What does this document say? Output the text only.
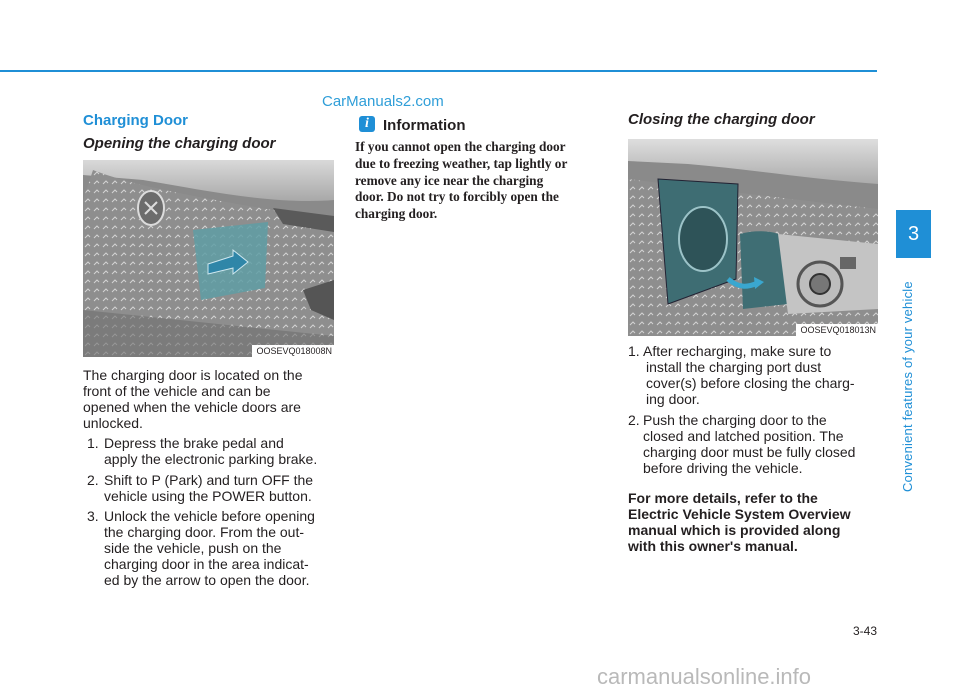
CarManuals2.com
Charging Door
Opening the charging door
OOSEVQ018008N
The charging door is located on the
front of the vehicle and can be
opened when the vehicle doors are
unlocked.
1. Depress the brake pedal and
apply the electronic parking brake.
2. Shift to P (Park) and turn OFF the
vehicle using the POWER button.
3. Unlock the vehicle before opening
the charging door. From the out-
side the vehicle, push on the
charging door in the area indicat-
ed by the arrow to open the door.
i Information
If you cannot open the charging door
due to freezing weather, tap lightly or
remove any ice near the charging
door. Do not try to forcibly open the
charging door.
Closing the charging door
OOSEVQ018013N
1. After recharging, make sure to
install the charging port dust
cover(s) before closing the charg-
ing door.
2. Push the charging door to the
closed and latched position. The
charging door must be fully closed
before driving the vehicle.
For more details, refer to the
Electric Vehicle System Overview
manual which is provided along
with this owner's manual.
3
Convenient features of your vehicle
3-43
carmanualsonline.info
